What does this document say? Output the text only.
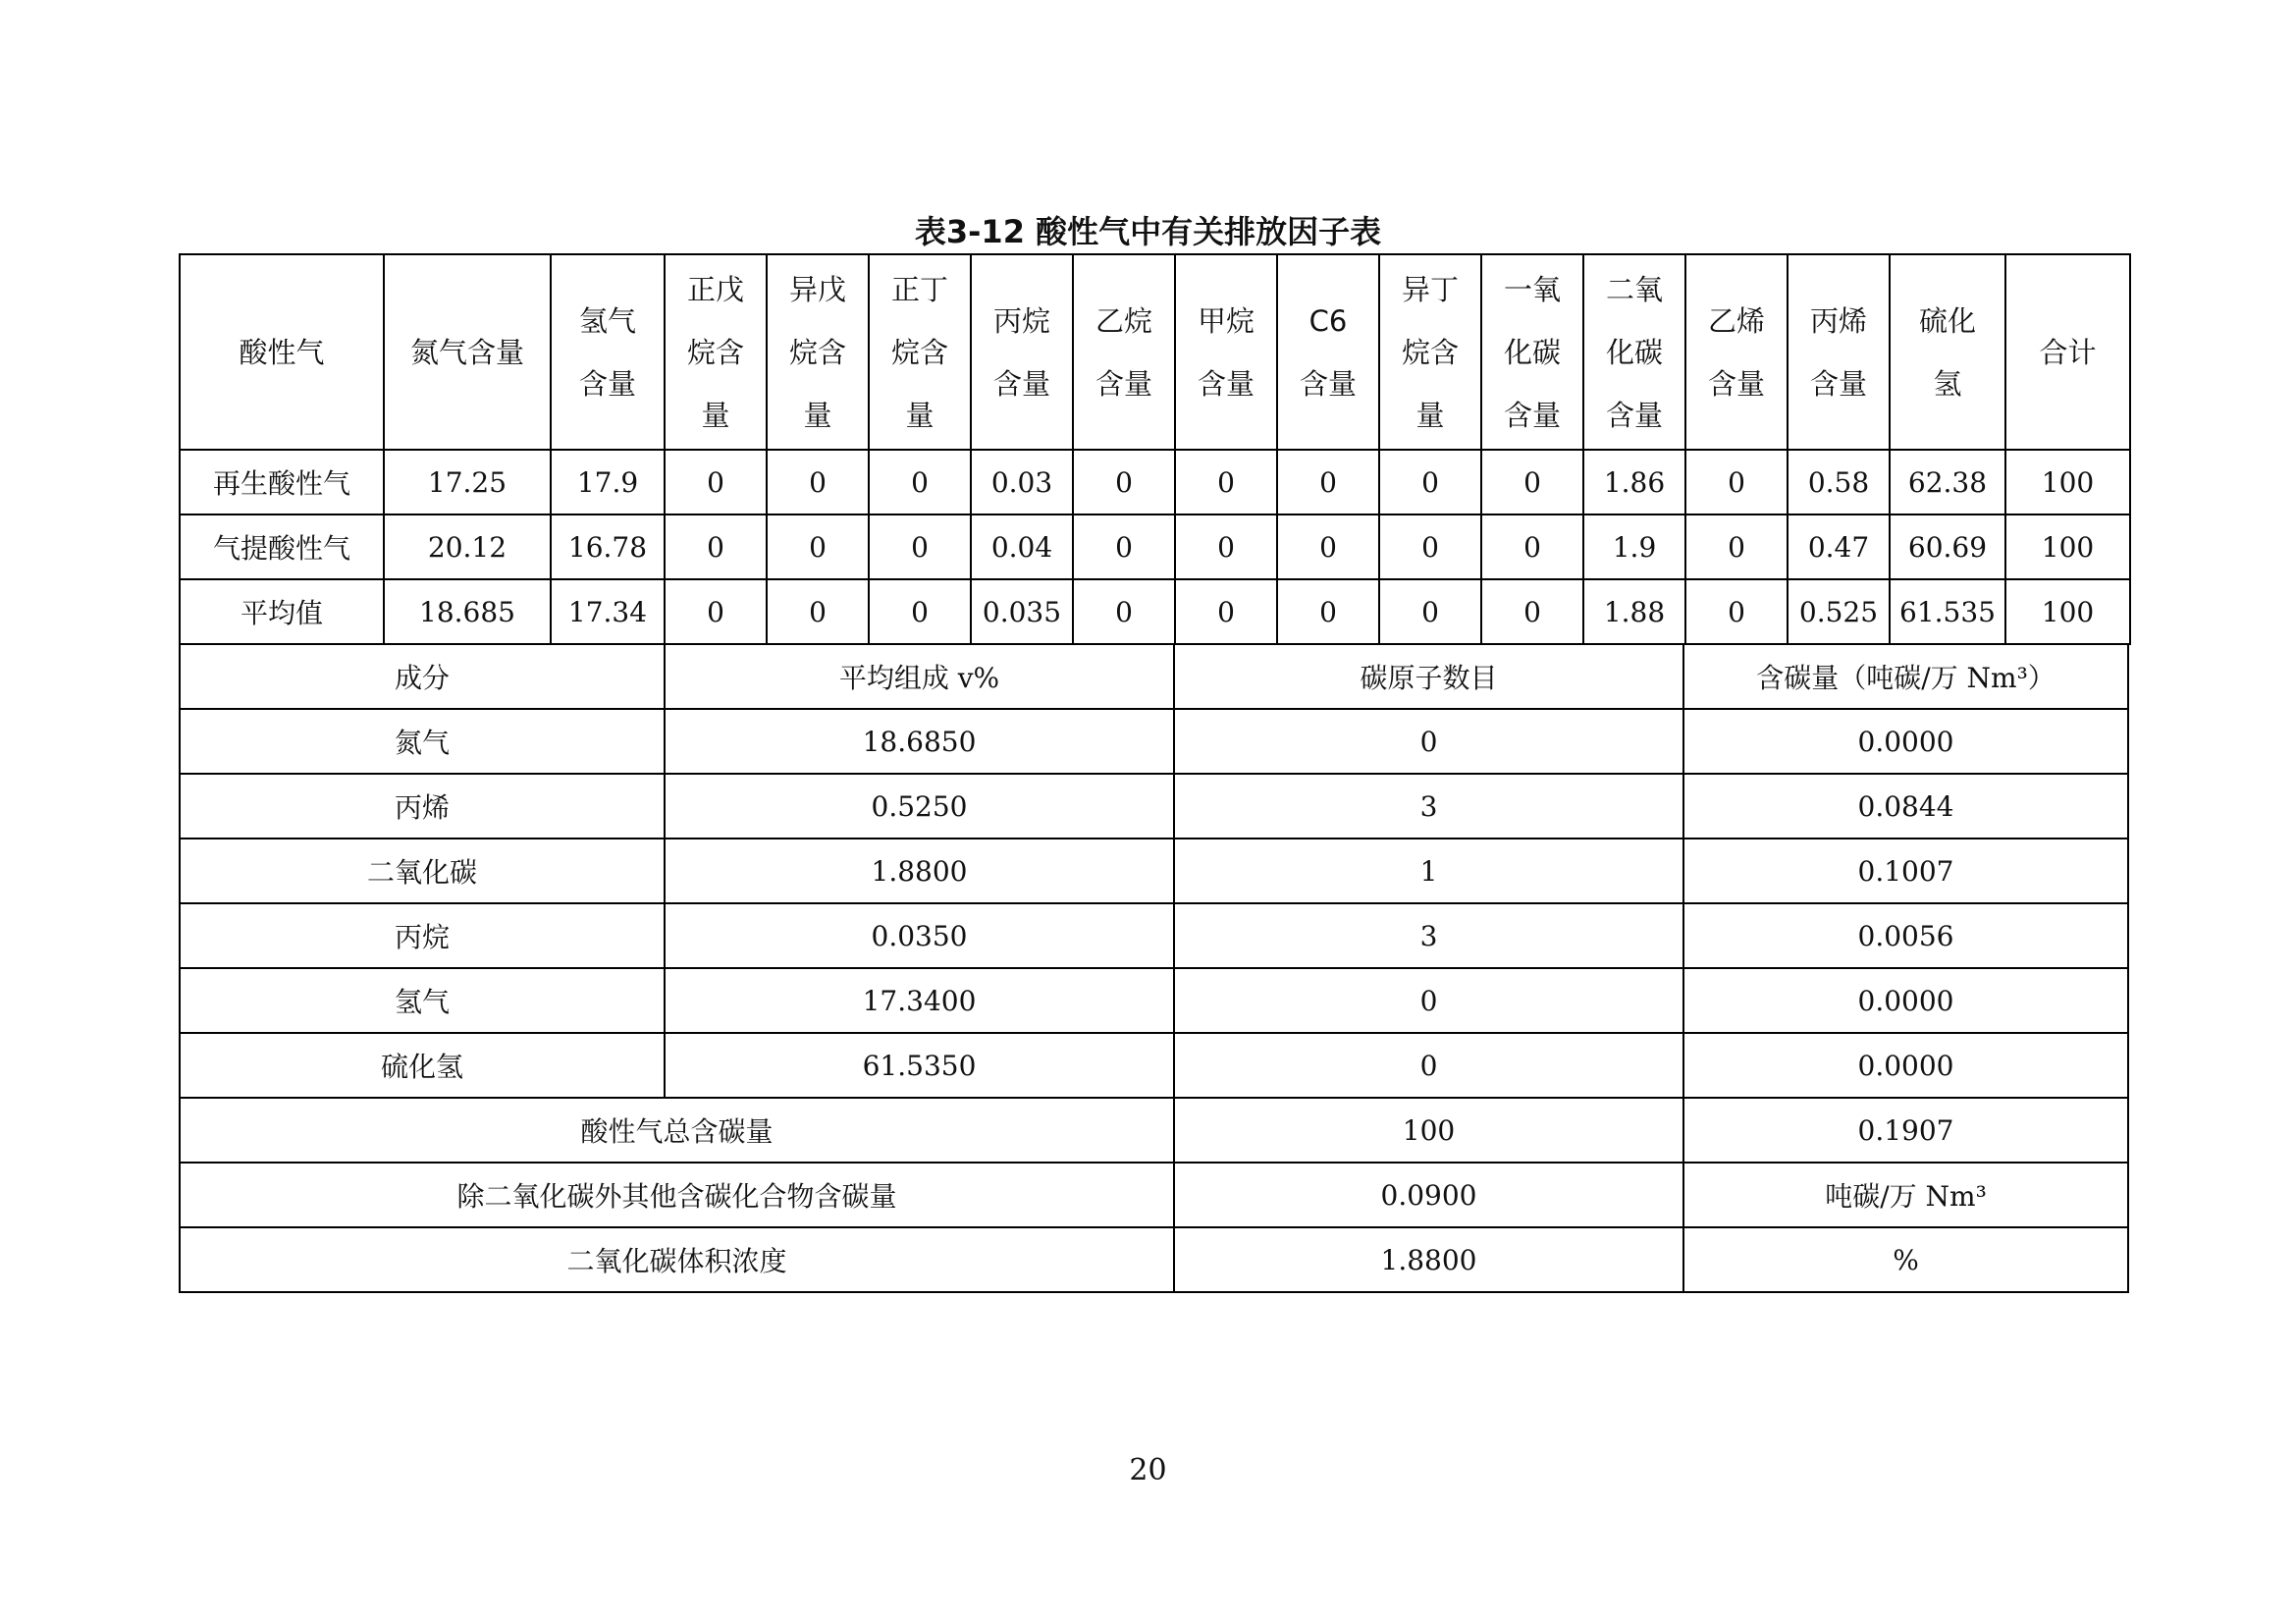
表3-12 酸性气中有关排放因子表
酸性气	氮气含量	氢气含量	正戊烷含量	异戊烷含量	正丁烷含量	丙烷含量	乙烷含量	甲烷含量	C6 含量	异丁烷含量	一氧化碳含量	二氧化碳含量	乙烯含量	丙烯含量	硫化氢	合计
再生酸性气	17.25	17.9	0	0	0	0.03	0	0	0	0	0	1.86	0	0.58	62.38	100
气提酸性气	20.12	16.78	0	0	0	0.04	0	0	0	0	0	1.9	0	0.47	60.69	100
平均值	18.685	17.34	0	0	0	0.035	0	0	0	0	0	1.88	0	0.525	61.535	100
成分	平均组成 v%	碳原子数目	含碳量（吨碳/万 Nm³）
氮气	18.6850	0	0.0000
丙烯	0.5250	3	0.0844
二氧化碳	1.8800	1	0.1007
丙烷	0.0350	3	0.0056
氢气	17.3400	0	0.0000
硫化氢	61.5350	0	0.0000
酸性气总含碳量		100	0.1907
除二氧化碳外其他含碳化合物含碳量		0.0900	吨碳/万 Nm³
二氧化碳体积浓度		1.8800	%
20
